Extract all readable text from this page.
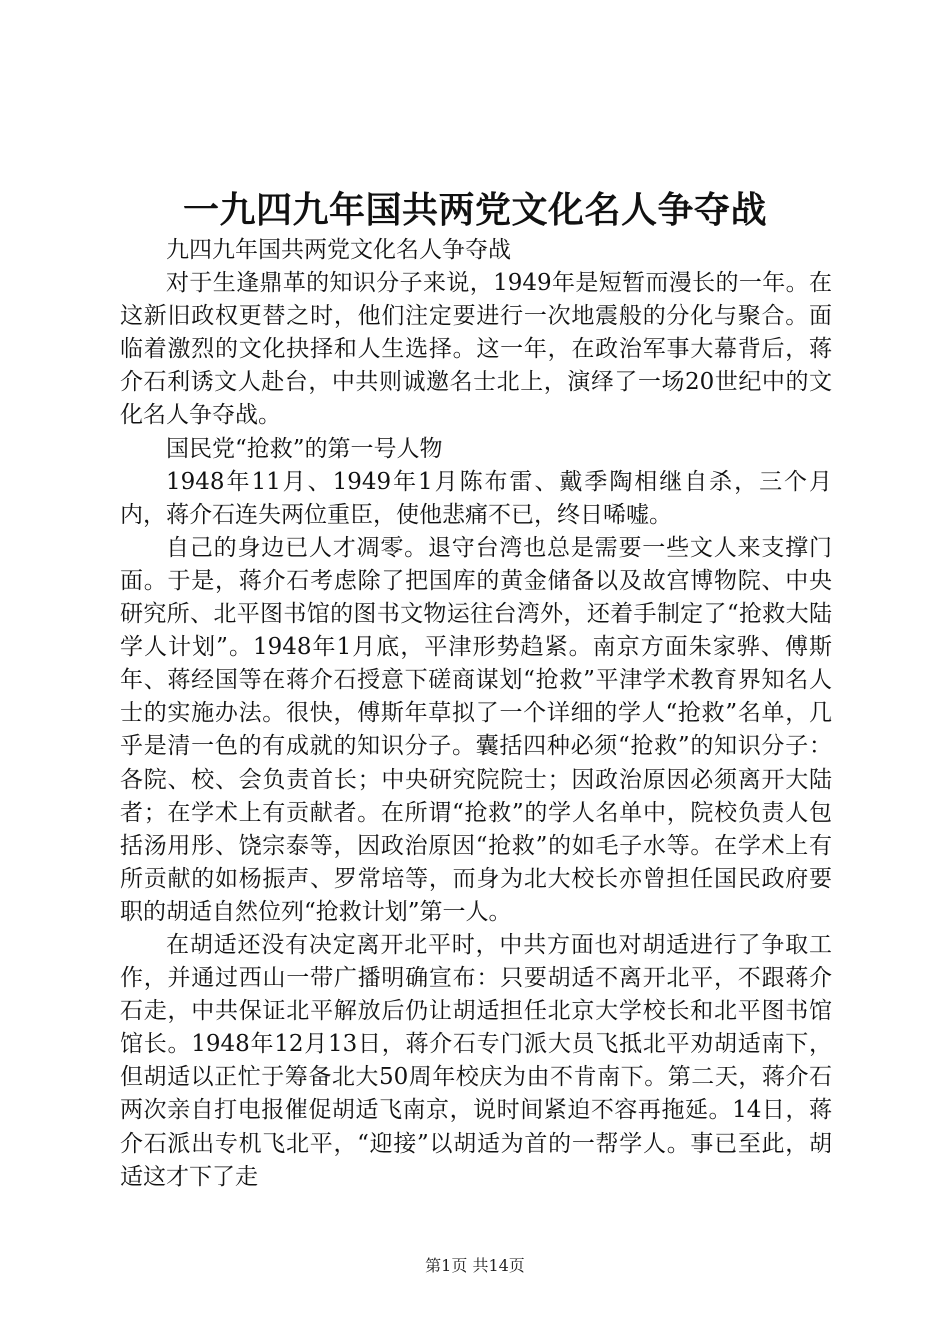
一九四九年国共两党文化名人争夺战

九四九年国共两党文化名人争夺战

对于生逢鼎革的知识分子来说，1949年是短暂而漫长的一年。在这新旧政权更替之时，他们注定要进行一次地震般的分化与聚合。面临着激烈的文化抉择和人生选择。这一年，在政治军事大幕背后，蒋介石利诱文人赴台，中共则诚邀名士北上，演绎了一场20世纪中的文化名人争夺战。

国民党“抢救”的第一号人物

1948年11月、1949年1月陈布雷、戴季陶相继自杀，三个月内，蒋介石连失两位重臣，使他悲痛不已，终日唏嘘。

自己的身边已人才凋零。退守台湾也总是需要一些文人来支撑门面。于是，蒋介石考虑除了把国库的黄金储备以及故宫博物院、中央研究所、北平图书馆的图书文物运往台湾外，还着手制定了“抢救大陆学人计划”。1948年1月底，平津形势趋紧。南京方面朱家骅、傅斯年、蒋经国等在蒋介石授意下磋商谋划“抢救”平津学术教育界知名人士的实施办法。很快，傅斯年草拟了一个详细的学人“抢救”名单，几乎是清一色的有成就的知识分子。囊括四种必须“抢救”的知识分子：各院、校、会负责首长；中央研究院院士；因政治原因必须离开大陆者；在学术上有贡献者。在所谓“抢救”的学人名单中，院校负责人包括汤用彤、饶宗泰等，因政治原因“抢救”的如毛子水等。在学术上有所贡献的如杨振声、罗常培等，而身为北大校长亦曾担任国民政府要职的胡适自然位列“抢救计划”第一人。

在胡适还没有决定离开北平时，中共方面也对胡适进行了争取工作，并通过西山一带广播明确宣布：只要胡适不离开北平，不跟蒋介石走，中共保证北平解放后仍让胡适担任北京大学校长和北平图书馆馆长。1948年12月13日，蒋介石专门派大员飞抵北平劝胡适南下，但胡适以正忙于筹备北大50周年校庆为由不肯南下。第二天，蒋介石两次亲自打电报催促胡适飞南京，说时间紧迫不容再拖延。14日，蒋介石派出专机飞北平，“迎接”以胡适为首的一帮学人。事已至此，胡适这才下了走

第1页 共14页
